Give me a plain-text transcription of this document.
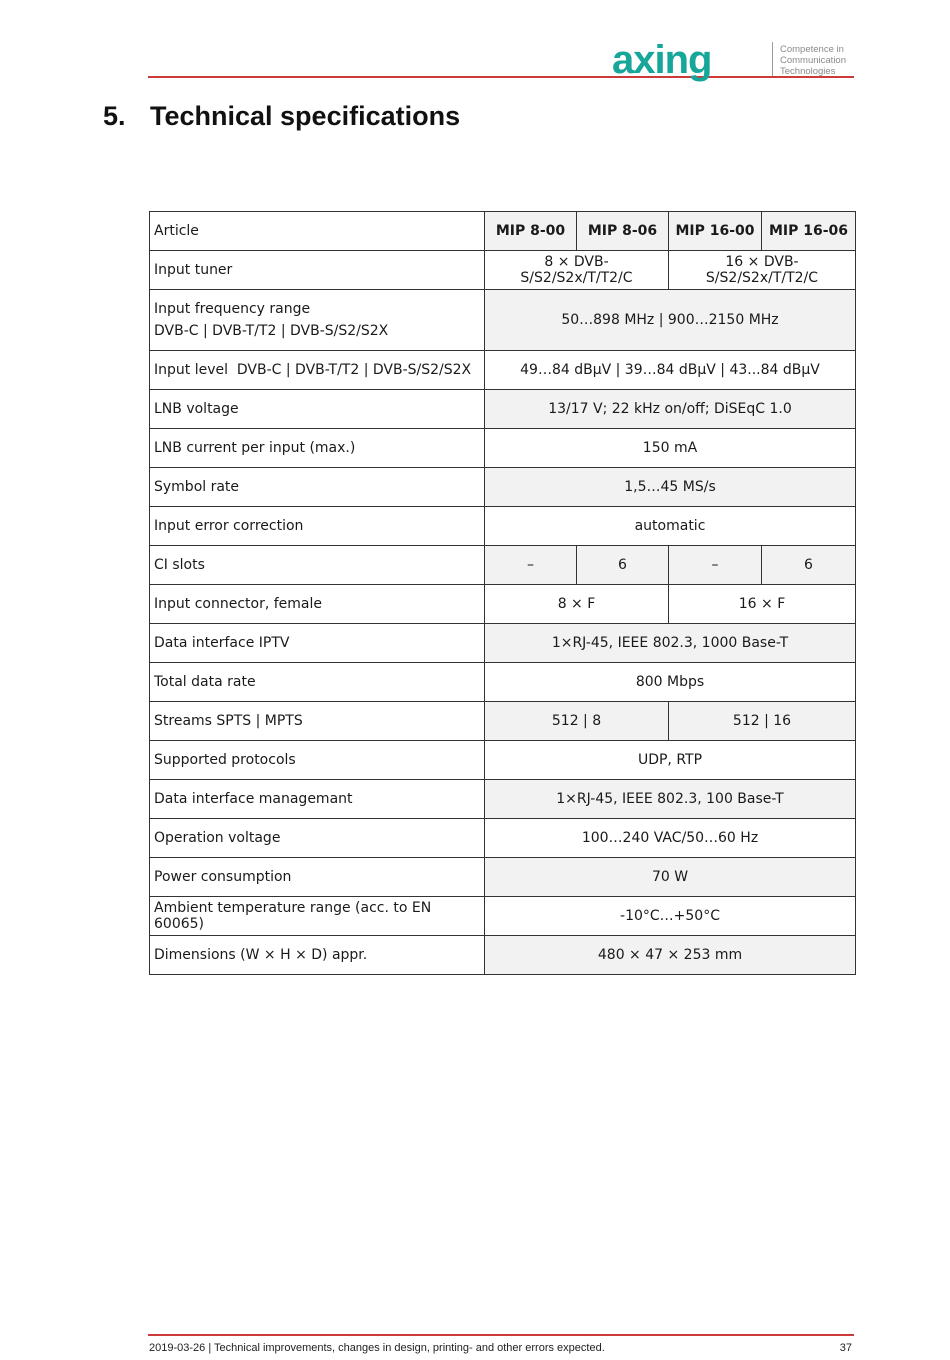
axing	Competence in
Communication
Technologies
5. Technical specifications
Article	MIP 8-00	MIP 8-06	MIP 16-00	MIP 16-06
Input tuner	8 × DVB-S/S2/S2x/T/T2/C		16 × DVB-S/S2/S2x/T/T2/C	

Input frequency range
DVB-C | DVB-T/T2 | DVB-S/S2/S2X	50…898 MHz | 900…2150 MHz			
Input level  DVB-C | DVB-T/T2 | DVB-S/S2/S2X	49…84 dBµV | 39…84 dBµV | 43...84 dBµV			
LNB voltage	13/17 V; 22 kHz on/off; DiSEqC 1.0			
LNB current per input (max.)	150 mA			
Symbol rate	1,5…45 MS/s			
Input error correction	automatic			
CI slots	–	6	–	6
Input connector, female	8 × F		16 × F	
Data interface IPTV	1×RJ-45, IEEE 802.3, 1000 Base-T			
Total data rate	800 Mbps			
Streams SPTS | MPTS	512 | 8		512 | 16	
Supported protocols	UDP, RTP			
Data interface managemant	1×RJ-45, IEEE 802.3, 100 Base-T			
Operation voltage	100…240 VAC/50…60 Hz			
Power consumption	70 W			
Ambient temperature range (acc. to EN 60065)	-10°C…+50°C			
Dimensions (W × H × D) appr.	480 × 47 × 253 mm			
2019-03-26 | Technical improvements, changes in design, printing- and other errors expected.	37
